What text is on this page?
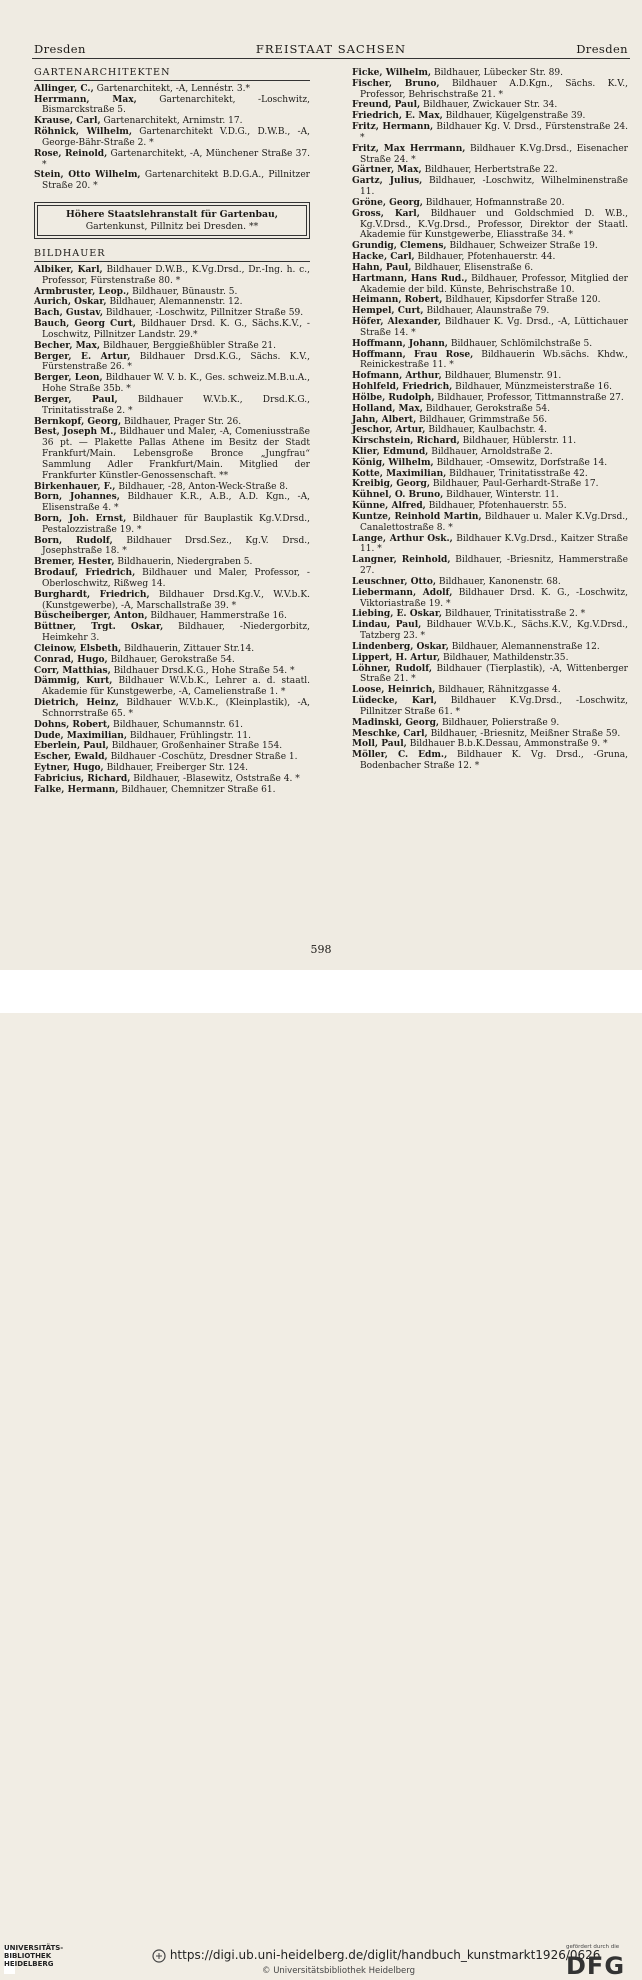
Dresden	FREISTAAT SACHSEN	Dresden
GARTENARCHITEKTEN

Allinger, C., Gartenarchitekt, -A, Lennéstr. 3.*

Herrmann, Max, Gartenarchitekt, -Loschwitz, Bismarckstraße 5.

Krause, Carl, Gartenarchitekt, Arnimstr. 17.

Röhnick, Wilhelm, Gartenarchitekt V.D.G., D.W.B., -A, George-Bähr-Straße 2. *

Rose, Reinold, Gartenarchitekt, -A, Münchener Straße 37. *

Stein, Otto Wilhelm, Gartenarchitekt B.D.G.A., Pillnitzer Straße 20. *

Höhere Staatslehranstalt für Gartenbau,
Gartenkunst, Pillnitz bei Dresden. **
BILDHAUER

Albiker, Karl, Bildhauer D.W.B., K.Vg.Drsd., Dr.-Ing. h. c., Professor, Fürstenstraße 80. *

Armbruster, Leop., Bildhauer, Bünaustr. 5.

Aurich, Oskar, Bildhauer, Alemannenstr. 12.

Bach, Gustav, Bildhauer, -Loschwitz, Pillnitzer Straße 59.

Bauch, Georg Curt, Bildhauer Drsd. K. G., Sächs.K.V., -Loschwitz, Pillnitzer Landstr. 29.*

Becher, Max, Bildhauer, Berggießhübler Straße 21.

Berger, E. Artur, Bildhauer Drsd.K.G., Sächs. K.V., Fürstenstraße 26. *

Berger, Leon, Bildhauer W. V. b. K., Ges. schweiz.M.B.u.A., Hohe Straße 35b. *

Berger, Paul, Bildhauer W.V.b.K., Drsd.K.G., Trinitatisstraße 2. *

Bernkopf, Georg, Bildhauer, Prager Str. 26.

Best, Joseph M., Bildhauer und Maler, -A, Comeniusstraße 36 pt. — Plakette Pallas Athene im Besitz der Stadt Frankfurt/Main. Lebensgroße Bronce „Jungfrau“ Sammlung Adler Frankfurt/Main. Mitglied der Frankfurter Künstler-Genossenschaft. **

Birkenhauer, F., Bildhauer, -28, Anton-Weck-Straße 8.

Born, Johannes, Bildhauer K.R., A.B., A.D. Kgn., -A, Elisenstraße 4. *

Born, Joh. Ernst, Bildhauer für Bauplastik Kg.V.Drsd., Pestalozzistraße 19. *

Born, Rudolf, Bildhauer Drsd.Sez., Kg.V. Drsd., Josephstraße 18. *

Bremer, Hester, Bildhauerin, Niedergraben 5.

Brodauf, Friedrich, Bildhauer und Maler, Professor, -Oberloschwitz, Rißweg 14.

Burghardt, Friedrich, Bildhauer Drsd.Kg.V., W.V.b.K. (Kunstgewerbe), -A, Marschallstraße 39. *

Büscheiberger, Anton, Bildhauer, Hammerstraße 16.

Büttner, Trgt. Oskar, Bildhauer, -Niedergorbitz, Heimkehr 3.

Cleinow, Elsbeth, Bildhauerin, Zittauer Str.14.

Conrad, Hugo, Bildhauer, Gerokstraße 54.

Corr, Matthias, Bildhauer Drsd.K.G., Hohe Straße 54. *

Dämmig, Kurt, Bildhauer W.V.b.K., Lehrer a. d. staatl. Akademie für Kunstgewerbe, -A, Camelienstraße 1. *

Dietrich, Heinz, Bildhauer W.V.b.K., (Kleinplastik), -A, Schnorrstraße 65. *

Dohns, Robert, Bildhauer, Schumannstr. 61.

Dude, Maximilian, Bildhauer, Frühlingstr. 11.

Eberlein, Paul, Bildhauer, Großenhainer Straße 154.

Escher, Ewald, Bildhauer -Coschütz, Dresdner Straße 1.

Eytner, Hugo, Bildhauer, Freiberger Str. 124.

Fabricius, Richard, Bildhauer, -Blasewitz, Oststraße 4. *

Falke, Hermann, Bildhauer, Chemnitzer Straße 61.

Ficke, Wilhelm, Bildhauer, Lübecker Str. 89.

Fischer, Bruno, Bildhauer A.D.Kgn., Sächs. K.V., Professor, Behrischstraße 21. *

Freund, Paul, Bildhauer, Zwickauer Str. 34.

Friedrich, E. Max, Bildhauer, Kügelgenstraße 39.

Fritz, Hermann, Bildhauer Kg. V. Drsd., Fürstenstraße 24. *

Fritz, Max Herrmann, Bildhauer K.Vg.Drsd., Eisenacher Straße 24. *

Gärtner, Max, Bildhauer, Herbertstraße 22.

Gartz, Julius, Bildhauer, -Loschwitz, Wilhelminenstraße 11.

Gröne, Georg, Bildhauer, Hofmannstraße 20.

Gross, Karl, Bildhauer und Goldschmied D. W.B., Kg.V.Drsd., K.Vg.Drsd., Professor, Direktor der Staatl. Akademie für Kunstgewerbe, Eliasstraße 34. *

Grundig, Clemens, Bildhauer, Schweizer Straße 19.

Hacke, Carl, Bildhauer, Pfotenhauerstr. 44.

Hahn, Paul, Bildhauer, Elisenstraße 6.

Hartmann, Hans Rud., Bildhauer, Professor, Mitglied der Akademie der bild. Künste, Behrischstraße 10.

Heimann, Robert, Bildhauer, Kipsdorfer Straße 120.

Hempel, Curt, Bildhauer, Alaunstraße 79.

Höfer, Alexander, Bildhauer K. Vg. Drsd., -A, Lüttichauer Straße 14. *

Hoffmann, Johann, Bildhauer, Schlömilchstraße 5.

Hoffmann, Frau Rose, Bildhauerin Wb.sächs. Khdw., Reinickestraße 11. *

Hofmann, Arthur, Bildhauer, Blumenstr. 91.

Hohlfeld, Friedrich, Bildhauer, Münzmeisterstraße 16.

Hölbe, Rudolph, Bildhauer, Professor, Tittmannstraße 27.

Holland, Max, Bildhauer, Gerokstraße 54.

Jahn, Albert, Bildhauer, Grimmstraße 56.

Jeschor, Artur, Bildhauer, Kaulbachstr. 4.

Kirschstein, Richard, Bildhauer, Hüblerstr. 11.

Klier, Edmund, Bildhauer, Arnoldstraße 2.

König, Wilhelm, Bildhauer, -Omsewitz, Dorfstraße 14.

Kotte, Maximilian, Bildhauer, Trinitatisstraße 42.

Kreibig, Georg, Bildhauer, Paul-Gerhardt-Straße 17.

Kühnel, O. Bruno, Bildhauer, Winterstr. 11.

Künne, Alfred, Bildhauer, Pfotenhauerstr. 55.

Kuntze, Reinhold Martin, Bildhauer u. Maler K.Vg.Drsd., Canalettostraße 8. *

Lange, Arthur Osk., Bildhauer K.Vg.Drsd., Kaitzer Straße 11. *

Langner, Reinhold, Bildhauer, -Briesnitz, Hammerstraße 27.

Leuschner, Otto, Bildhauer, Kanonenstr. 68.

Liebermann, Adolf, Bildhauer Drsd. K. G., -Loschwitz, Viktoriastraße 19. *

Liebing, E. Oskar, Bildhauer, Trinitatisstraße 2. *

Lindau, Paul, Bildhauer W.V.b.K., Sächs.K.V., Kg.V.Drsd., Tatzberg 23. *

Lindenberg, Oskar, Bildhauer, Alemannenstraße 12.

Lippert, H. Artur, Bildhauer, Mathildenstr.35.

Löhner, Rudolf, Bildhauer (Tierplastik), -A, Wittenberger Straße 21. *

Loose, Heinrich, Bildhauer, Rähnitzgasse 4.

Lüdecke, Karl, Bildhauer K.Vg.Drsd., -Loschwitz, Pillnitzer Straße 61. *

Madinski, Georg, Bildhauer, Polierstraße 9.

Meschke, Carl, Bildhauer, -Briesnitz, Meißner Straße 59.

Moll, Paul, Bildhauer B.b.K.Dessau, Ammonstraße 9. *

Möller, C. Edm., Bildhauer K. Vg. Drsd., -Gruna, Bodenbacher Straße 12. *

598
UNIVERSITÄTS-
BIBLIOTHEK
HEIDELBERG
https://digi.ub.uni-heidelberg.de/diglit/handbuch_kunstmarkt1926/0626
© Universitätsbibliothek Heidelberg
gefördert durch die
DFG
